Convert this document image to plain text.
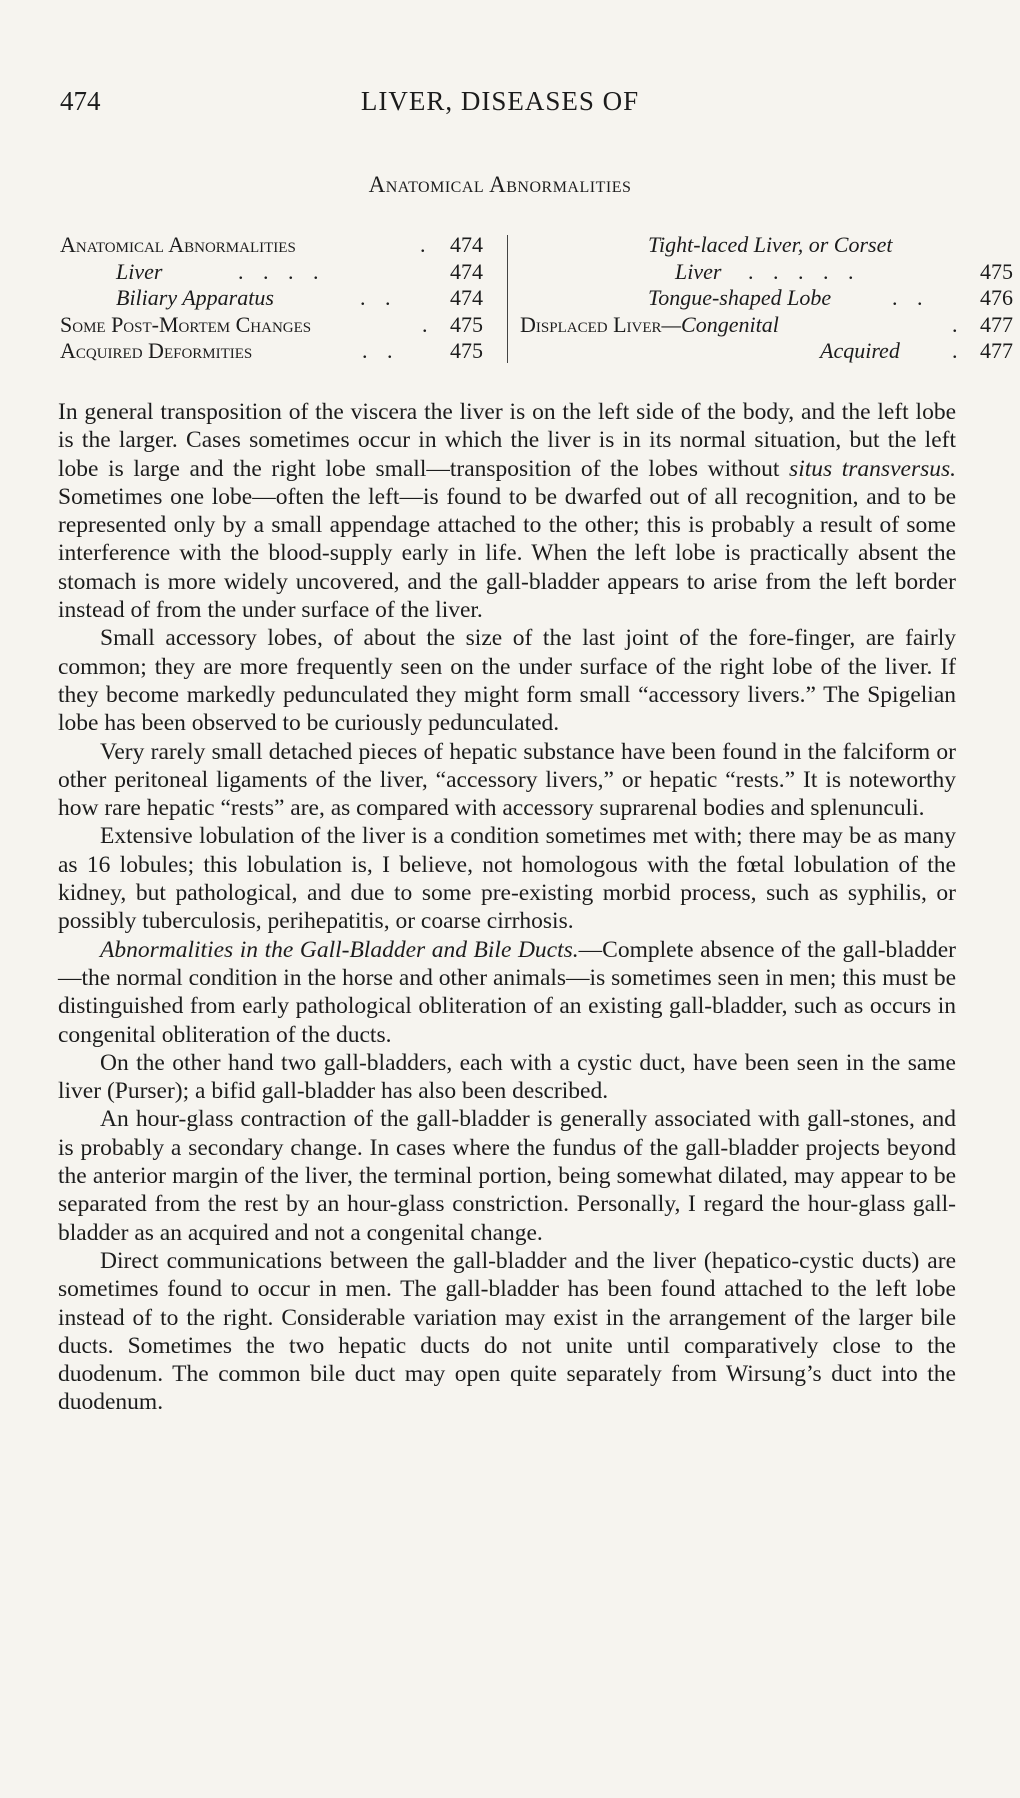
474	LIVER, DISEASES OF
Anatomical Abnormalities
Anatomical Abnormalities	. 474
Liver	. . . .	474
Biliary Apparatus	. . 474
Some Post-Mortem Changes	. 475
Acquired Deformities	. . 475
Tight-laced Liver, or Corset
Liver . . . . .	475
Tongue-shaped Lobe	. . 476
Displaced Liver—Congenital	. 477
Acquired . 477

In general transposition of the viscera the liver is on the left side of the body, and the left lobe is the larger. Cases sometimes occur in which the liver is in its normal situation, but the left lobe is large and the right lobe small—transposition of the lobes without situs transversus. Sometimes one lobe—often the left—is found to be dwarfed out of all recognition, and to be represented only by a small appendage attached to the other; this is probably a result of some interference with the blood-supply early in life. When the left lobe is practically absent the stomach is more widely uncovered, and the gall-bladder appears to arise from the left border instead of from the under surface of the liver.

Small accessory lobes, of about the size of the last joint of the fore-finger, are fairly common; they are more frequently seen on the under surface of the right lobe of the liver. If they become markedly pedunculated they might form small “accessory livers.” The Spigelian lobe has been observed to be curiously pedunculated.

Very rarely small detached pieces of hepatic substance have been found in the falciform or other peritoneal ligaments of the liver, “accessory livers,” or hepatic “rests.” It is noteworthy how rare hepatic “rests” are, as compared with accessory suprarenal bodies and splenunculi.

Extensive lobulation of the liver is a condition sometimes met with; there may be as many as 16 lobules; this lobulation is, I believe, not homologous with the fœtal lobulation of the kidney, but pathological, and due to some pre-existing morbid process, such as syphilis, or possibly tuberculosis, perihepatitis, or coarse cirrhosis.

Abnormalities in the Gall-Bladder and Bile Ducts.—Complete absence of the gall-bladder—the normal condition in the horse and other animals—is sometimes seen in men; this must be distinguished from early pathological obliteration of an existing gall-bladder, such as occurs in congenital obliteration of the ducts.

On the other hand two gall-bladders, each with a cystic duct, have been seen in the same liver (Purser); a bifid gall-bladder has also been described.

An hour-glass contraction of the gall-bladder is generally associated with gall-stones, and is probably a secondary change. In cases where the fundus of the gall-bladder projects beyond the anterior margin of the liver, the terminal portion, being somewhat dilated, may appear to be separated from the rest by an hour-glass constriction. Personally, I regard the hour-glass gall-bladder as an acquired and not a congenital change.

Direct communications between the gall-bladder and the liver (hepatico-cystic ducts) are sometimes found to occur in men. The gall-bladder has been found attached to the left lobe instead of to the right. Considerable variation may exist in the arrangement of the larger bile ducts. Sometimes the two hepatic ducts do not unite until comparatively close to the duodenum. The common bile duct may open quite separately from Wirsung’s duct into the duodenum.
